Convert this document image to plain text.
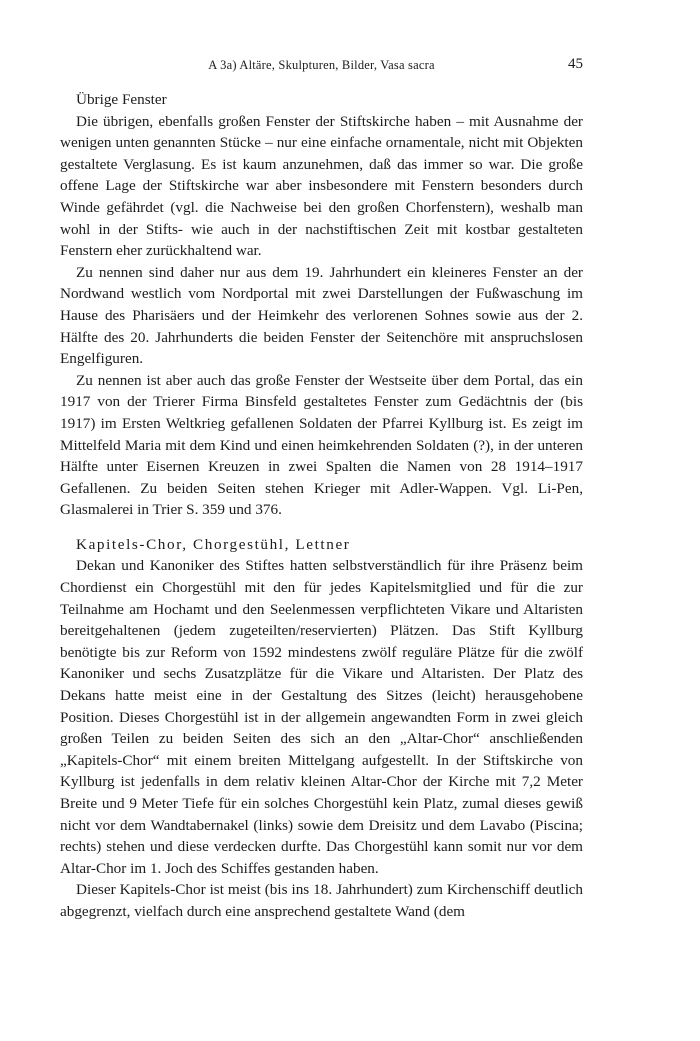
A 3a) Altäre, Skulpturen, Bilder, Vasa sacra	45
Übrige Fenster

Die übrigen, ebenfalls großen Fenster der Stiftskirche haben – mit Ausnahme der wenigen unten genannten Stücke – nur eine einfache ornamentale, nicht mit Objekten gestaltete Verglasung. Es ist kaum anzunehmen, daß das immer so war. Die große offene Lage der Stiftskirche war aber insbesondere mit Fenstern besonders durch Winde gefährdet (vgl. die Nachweise bei den großen Chorfenstern), weshalb man wohl in der Stifts- wie auch in der nachstiftischen Zeit mit kostbar gestalteten Fenstern eher zurückhaltend war.

Zu nennen sind daher nur aus dem 19. Jahrhundert ein kleineres Fenster an der Nordwand westlich vom Nordportal mit zwei Darstellungen der Fußwaschung im Hause des Pharisäers und der Heimkehr des verlorenen Sohnes sowie aus der 2. Hälfte des 20. Jahrhunderts die beiden Fenster der Seitenchöre mit anspruchslosen Engelfiguren.

Zu nennen ist aber auch das große Fenster der Westseite über dem Portal, das ein 1917 von der Trierer Firma Binsfeld gestaltetes Fenster zum Gedächtnis der (bis 1917) im Ersten Weltkrieg gefallenen Soldaten der Pfarrei Kyllburg ist. Es zeigt im Mittelfeld Maria mit dem Kind und einen heimkehrenden Soldaten (?), in der unteren Hälfte unter Eisernen Kreuzen in zwei Spalten die Namen von 28 1914–1917 Gefallenen. Zu beiden Seiten stehen Krieger mit Adler-Wappen. Vgl. Li-Pen, Glasmalerei in Trier S. 359 und 376.

Kapitels-Chor, Chorgestühl, Lettner

Dekan und Kanoniker des Stiftes hatten selbstverständlich für ihre Präsenz beim Chordienst ein Chorgestühl mit den für jedes Kapitelsmitglied und für die zur Teilnahme am Hochamt und den Seelenmessen verpflichteten Vikare und Altaristen bereitgehaltenen (jedem zugeteilten/reservierten) Plätzen. Das Stift Kyllburg benötigte bis zur Reform von 1592 mindestens zwölf reguläre Plätze für die zwölf Kanoniker und sechs Zusatzplätze für die Vikare und Altaristen. Der Platz des Dekans hatte meist eine in der Gestaltung des Sitzes (leicht) herausgehobene Position. Dieses Chorgestühl ist in der allgemein angewandten Form in zwei gleich großen Teilen zu beiden Seiten des sich an den „Altar-Chor“ anschließenden „Kapitels-Chor“ mit einem breiten Mittelgang aufgestellt. In der Stiftskirche von Kyllburg ist jedenfalls in dem relativ kleinen Altar-Chor der Kirche mit 7,2 Meter Breite und 9 Meter Tiefe für ein solches Chorgestühl kein Platz, zumal dieses gewiß nicht vor dem Wandtabernakel (links) sowie dem Dreisitz und dem Lavabo (Piscina; rechts) stehen und diese verdecken durfte. Das Chorgestühl kann somit nur vor dem Altar-Chor im 1. Joch des Schiffes gestanden haben.

Dieser Kapitels-Chor ist meist (bis ins 18. Jahrhundert) zum Kirchenschiff deutlich abgegrenzt, vielfach durch eine ansprechend gestaltete Wand (dem
